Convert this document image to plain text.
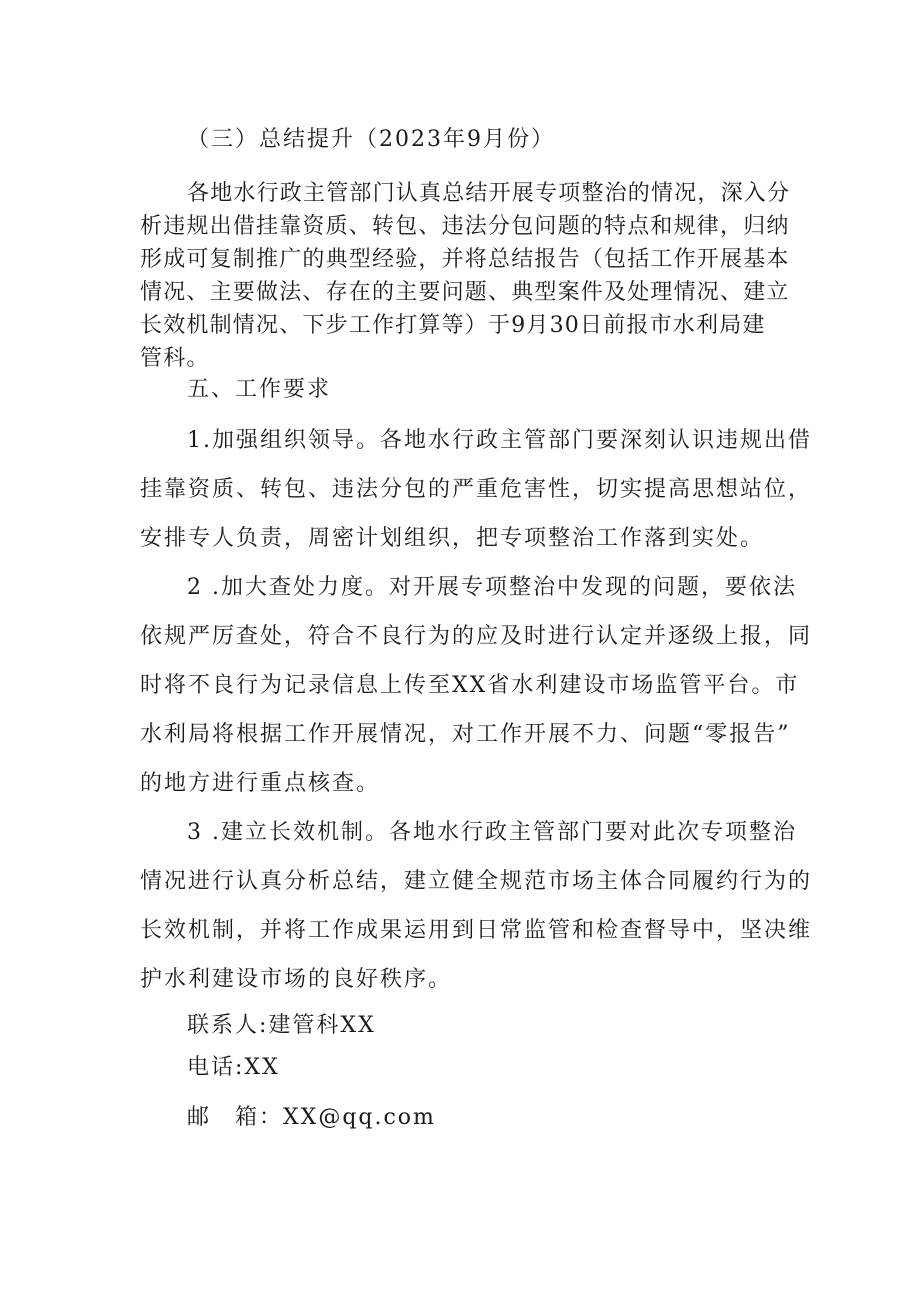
（三）总结提升（2023年9月份）
各地水行政主管部门认真总结开展专项整治的情况，深入分
析违规出借挂靠资质、转包、违法分包问题的特点和规律，归纳
形成可复制推广的典型经验，并将总结报告（包括工作开展基本
情况、主要做法、存在的主要问题、典型案件及处理情况、建立
长效机制情况、下步工作打算等）于9月30日前报市水利局建
管科。
五、工作要求
1.加强组织领导。各地水行政主管部门要深刻认识违规出借
挂靠资质、转包、违法分包的严重危害性，切实提高思想站位，
安排专人负责，周密计划组织，把专项整治工作落到实处。
2 .加大查处力度。对开展专项整治中发现的问题，要依法
依规严厉查处，符合不良行为的应及时进行认定并逐级上报，同
时将不良行为记录信息上传至XX省水利建设市场监管平台。市
水利局将根据工作开展情况，对工作开展不力、问题“零报告”
的地方进行重点核查。
3 .建立长效机制。各地水行政主管部门要对此次专项整治
情况进行认真分析总结，建立健全规范市场主体合同履约行为的
长效机制，并将工作成果运用到日常监管和检查督导中，坚决维
护水利建设市场的良好秩序。
联系人:建管科XX
电话:XX
邮　箱：XX@qq.com
